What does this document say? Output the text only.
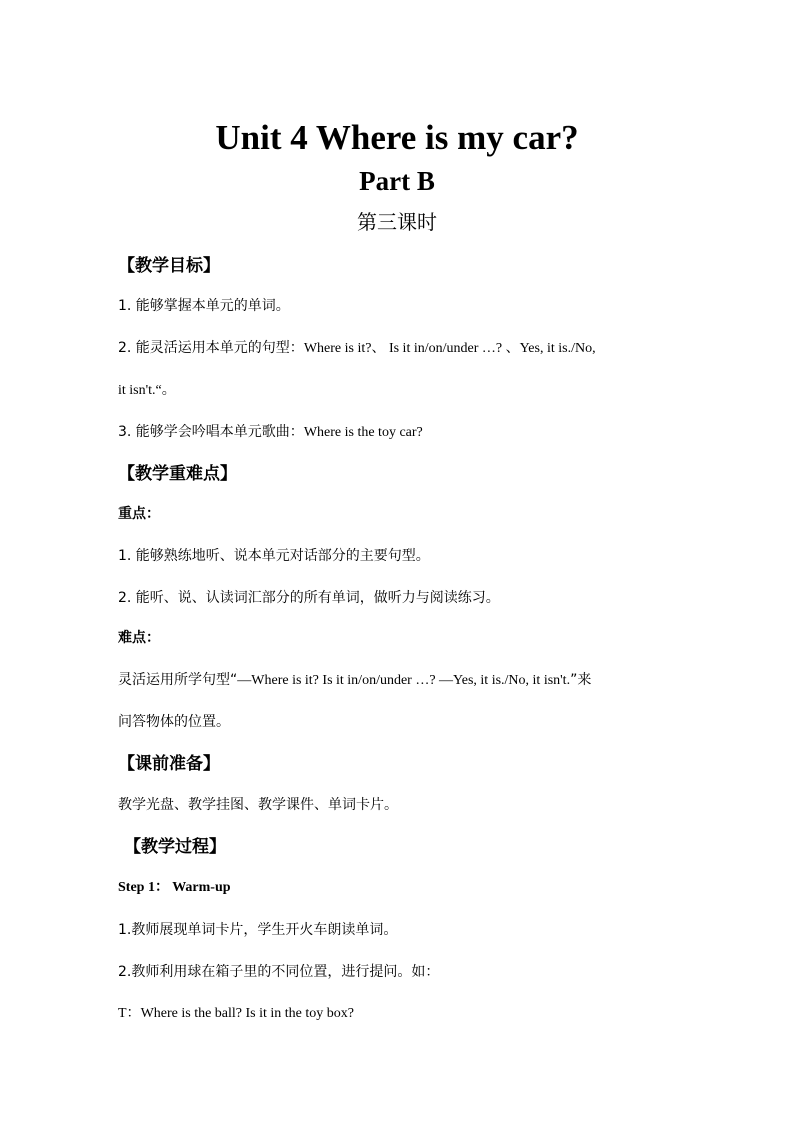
Unit 4 Where is my car?
Part B
第三课时
【教学目标】
1. 能够掌握本单元的单词。
2. 能灵活运用本单元的句型：Where is it?、 Is it in/on/under …? 、Yes, it is./No,
it isn't.“。
3. 能够学会吟唱本单元歌曲：Where is the toy car?
【教学重难点】
重点：
1. 能够熟练地听、说本单元对话部分的主要句型。
2. 能听、说、认读词汇部分的所有单词，做听力与阅读练习。
难点：
灵活运用所学句型“—Where is it? Is it in/on/under …? —Yes, it is./No, it isn't.”来
问答物体的位置。
【课前准备】
教学光盘、教学挂图、教学课件、单词卡片。
【教学过程】
Step 1： Warm-up
1.教师展现单词卡片，学生开火车朗读单词。
2.教师利用球在箱子里的不同位置，进行提问。如：
T：Where is the ball? Is it in the toy box?
